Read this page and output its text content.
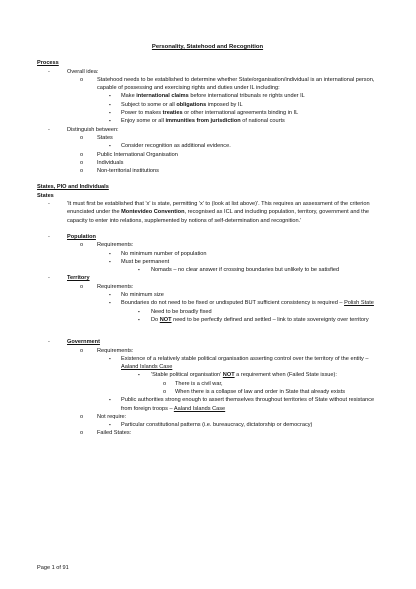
Personality, Statehood and Recognition
Process
-	Overall idea:
o Statehood needs to be established to determine whether State/organisation/individual is an international person, capable of possessing and exercising rights and duties under IL including:
▪ Make international claims before international tribunals re rights under IL
▪ Subject to some or all obligations imposed by IL
▪ Power to makes treaties or other international agreements binding in IL
▪ Enjoy some or all immunities from jurisdiction of national courts
-	Distinguish between:
o States
▪ Consider recognition as additional evidence.
o Public International Organisation
o Individuals
o Non-territorial institutions
States, PIO and Individuals
States
-	'It must first be established that 'x' is state, permitting 'x' to (look at list above)'. This requires an assessment of the criterion enunciated under the Montevideo Convention, recognised as ICL and including population, territory, government and the capacity to enter into relations, supplemented by notions of self-determination and recognition.'
-	Population
o Requirements:
▪ No minimum number of population
▪ Must be permanent
▪ Nomads – no clear answer if crossing boundaries but unlikely to be satisfied
-	Territory
o Requirements:
▪ No minimum size
▪ Boundaries do not need to be fixed or undisputed BUT sufficient consistency is required – Polish State
▪ Need to be broadly fixed
▪ Do NOT need to be perfectly defined and settled – link to state sovereignty over territory
-	Government
o Requirements:
▪ Existence of a relatively stable political organisation asserting control over the territory of the entity – Aaland Islands Case
▪ 'Stable political organisation' NOT a requirement when (Failed State issue):
o There is a civil war,
o When there is a collapse of law and order in State that already exists
▪ Public authorities strong enough to assert themselves throughout territories of State without resistance from foreign troops – Aaland Islands Case
o Not require:
▪ Particular constitutional patterns (i.e. bureaucracy, dictatorship or democracy)
o Failed States:
Page 1 of 91
